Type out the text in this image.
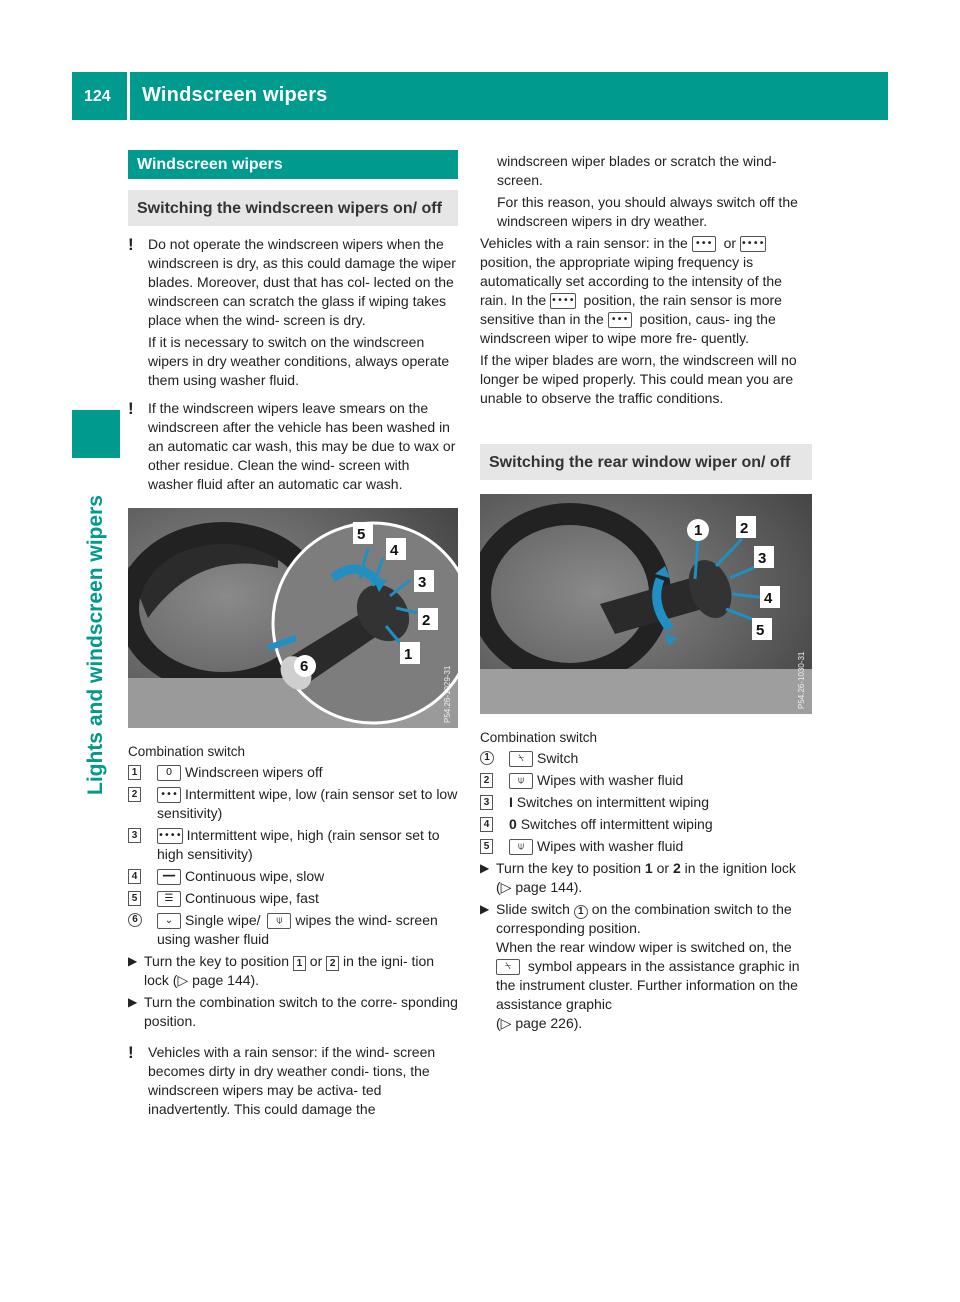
124 Windscreen wipers
Lights and windscreen wipers
Windscreen wipers
Switching the windscreen wipers on/ off
! Do not operate the windscreen wipers when the windscreen is dry, as this could damage the wiper blades. Moreover, dust that has col- lected on the windscreen can scratch the glass if wiping takes place when the wind- screen is dry.

If it is necessary to switch on the windscreen wipers in dry weather conditions, always operate them using washer fluid.

! If the windscreen wipers leave smears on the windscreen after the vehicle has been washed in an automatic car wash, this may be due to wax or other residue. Clean the wind- screen with washer fluid after an automatic car wash.

5
4
3
2
1
6	P54.26-1029-31

Combination switch

1	0 Windscreen wipers off
2	••• Intermittent wipe, low (rain sensor set to low sensitivity)
3	•••• Intermittent wipe, high (rain sensor set to high sensitivity)
4	━━ Continuous wipe, slow
5	☰ Continuous wipe, fast
6	⌄ Single wipe/ ⍦ wipes the wind- screen using washer fluid
▶ Turn the key to position 1 or 2 in the igni- tion lock (▷ page 144).
▶ Turn the combination switch to the corre- sponding position.
! Vehicles with a rain sensor: if the wind- screen becomes dirty in dry weather condi- tions, the windscreen wipers may be activa- ted inadvertently. This could damage the

windscreen wiper blades or scratch the wind- screen.

For this reason, you should always switch off the windscreen wipers in dry weather.

Vehicles with a rain sensor: in the ••• or •••• position, the appropriate wiping frequency is automatically set according to the intensity of the rain. In the •••• position, the rain sensor is more sensitive than in the ••• position, caus- ing the windscreen wiper to wipe more fre- quently.

If the wiper blades are worn, the windscreen will no longer be wiped properly. This could mean you are unable to observe the traffic conditions.

Switching the rear window wiper on/ off
1	2
3
4
5
P54.26-1030-31

Combination switch

1	⍀ Switch
2	⍦ Wipes with washer fluid
3 I Switches on intermittent wiping
4 0 Switches off intermittent wiping
5	⍦ Wipes with washer fluid
▶ Turn the key to position 1 or 2 in the ignition lock (▷ page 144).
▶ Slide switch 1 on the combination switch to the corresponding position.
When the rear window wiper is switched on, the ⍀ symbol appears in the assistance graphic in the instrument cluster. Further information on the assistance graphic
(▷ page 226).
